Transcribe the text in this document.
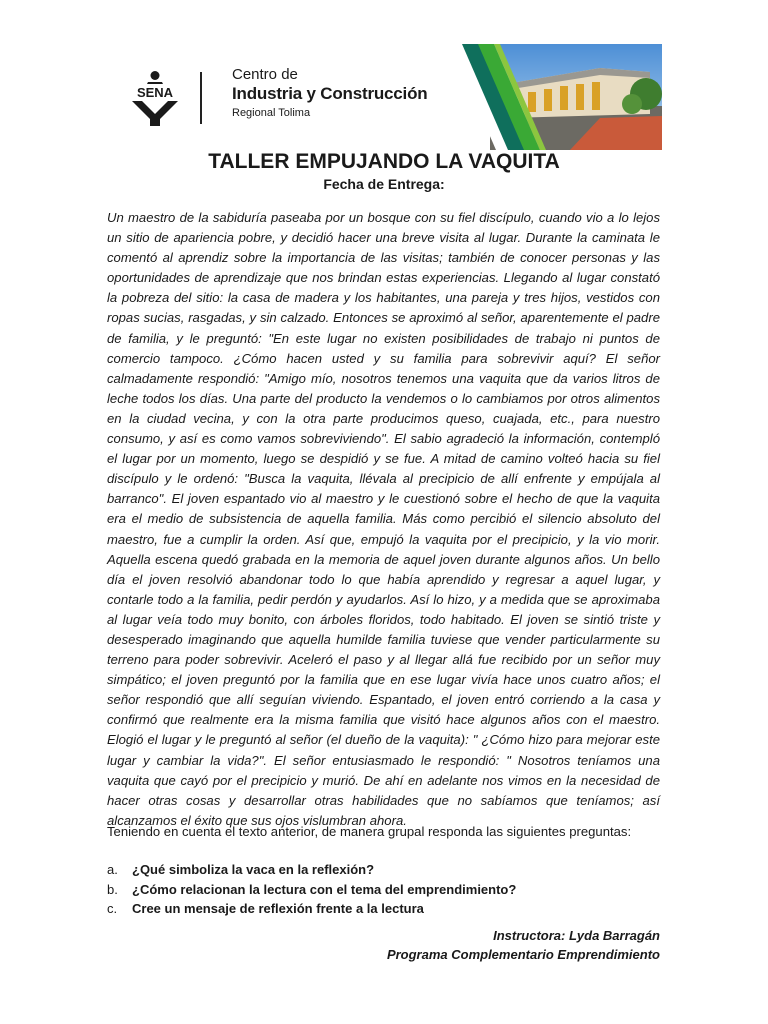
SENA
Centro de
Industria y Construcción
Regional Tolima
TALLER EMPUJANDO LA VAQUITA
Fecha de Entrega:

Un maestro de la sabiduría paseaba por un bosque con su fiel discípulo, cuando vio a lo lejos un sitio de apariencia pobre, y decidió hacer una breve visita al lugar. Durante la caminata le comentó al aprendiz sobre la importancia de las visitas; también de conocer personas y las oportunidades de aprendizaje que nos brindan estas experiencias. Llegando al lugar constató la pobreza del sitio: la casa de madera y los habitantes, una pareja y tres hijos, vestidos con ropas sucias, rasgadas, y sin calzado. Entonces se aproximó al señor, aparentemente el padre de familia, y le preguntó: "En este lugar no existen posibilidades de trabajo ni puntos de comercio tampoco. ¿Cómo hacen usted y su familia para sobrevivir aquí? El señor calmadamente respondió: "Amigo mío, nosotros tenemos una vaquita que da varios litros de leche todos los días. Una parte del producto la vendemos o lo cambiamos por otros alimentos en la ciudad vecina, y con la otra parte producimos queso, cuajada, etc., para nuestro consumo, y así es como vamos sobreviviendo". El sabio agradeció la información, contempló el lugar por un momento, luego se despidió y se fue. A mitad de camino volteó hacia su fiel discípulo y le ordenó: "Busca la vaquita, llévala al precipicio de allí enfrente y empújala al barranco". El joven espantado vio al maestro y le cuestionó sobre el hecho de que la vaquita era el medio de subsistencia de aquella familia. Más como percibió el silencio absoluto del maestro, fue a cumplir la orden. Así que, empujó la vaquita por el precipicio, y la vio morir. Aquella escena quedó grabada en la memoria de aquel joven durante algunos años. Un bello día el joven resolvió abandonar todo lo que había aprendido y regresar a aquel lugar, y contarle todo a la familia, pedir perdón y ayudarlos. Así lo hizo, y a medida que se aproximaba al lugar veía todo muy bonito, con árboles floridos, todo habitado. El joven se sintió triste y desesperado imaginando que aquella humilde familia tuviese que vender particularmente su terreno para poder sobrevivir. Aceleró el paso y al llegar allá fue recibido por un señor muy simpático; el joven preguntó por la familia que en ese lugar vivía hace unos cuatro años; el señor respondió que allí seguían viviendo. Espantado, el joven entró corriendo a la casa y confirmó que realmente era la misma familia que visitó hace algunos años con el maestro. Elogió el lugar y le preguntó al señor (el dueño de la vaquita): " ¿Cómo hizo para mejorar este lugar y cambiar la vida?". El señor entusiasmado le respondió: " Nosotros teníamos una vaquita que cayó por el precipicio y murió. De ahí en adelante nos vimos en la necesidad de hacer otras cosas y desarrollar otras habilidades que no sabíamos que teníamos; así alcanzamos el éxito que sus ojos vislumbran ahora.

Teniendo en cuenta el texto anterior, de manera grupal responda las siguientes preguntas:

a.	¿Qué simboliza la vaca en la reflexión?
b.	¿Cómo relacionan la lectura con el tema del emprendimiento?
c.	Cree un mensaje de reflexión frente a la lectura
Instructora: Lyda Barragán
Programa Complementario Emprendimiento
